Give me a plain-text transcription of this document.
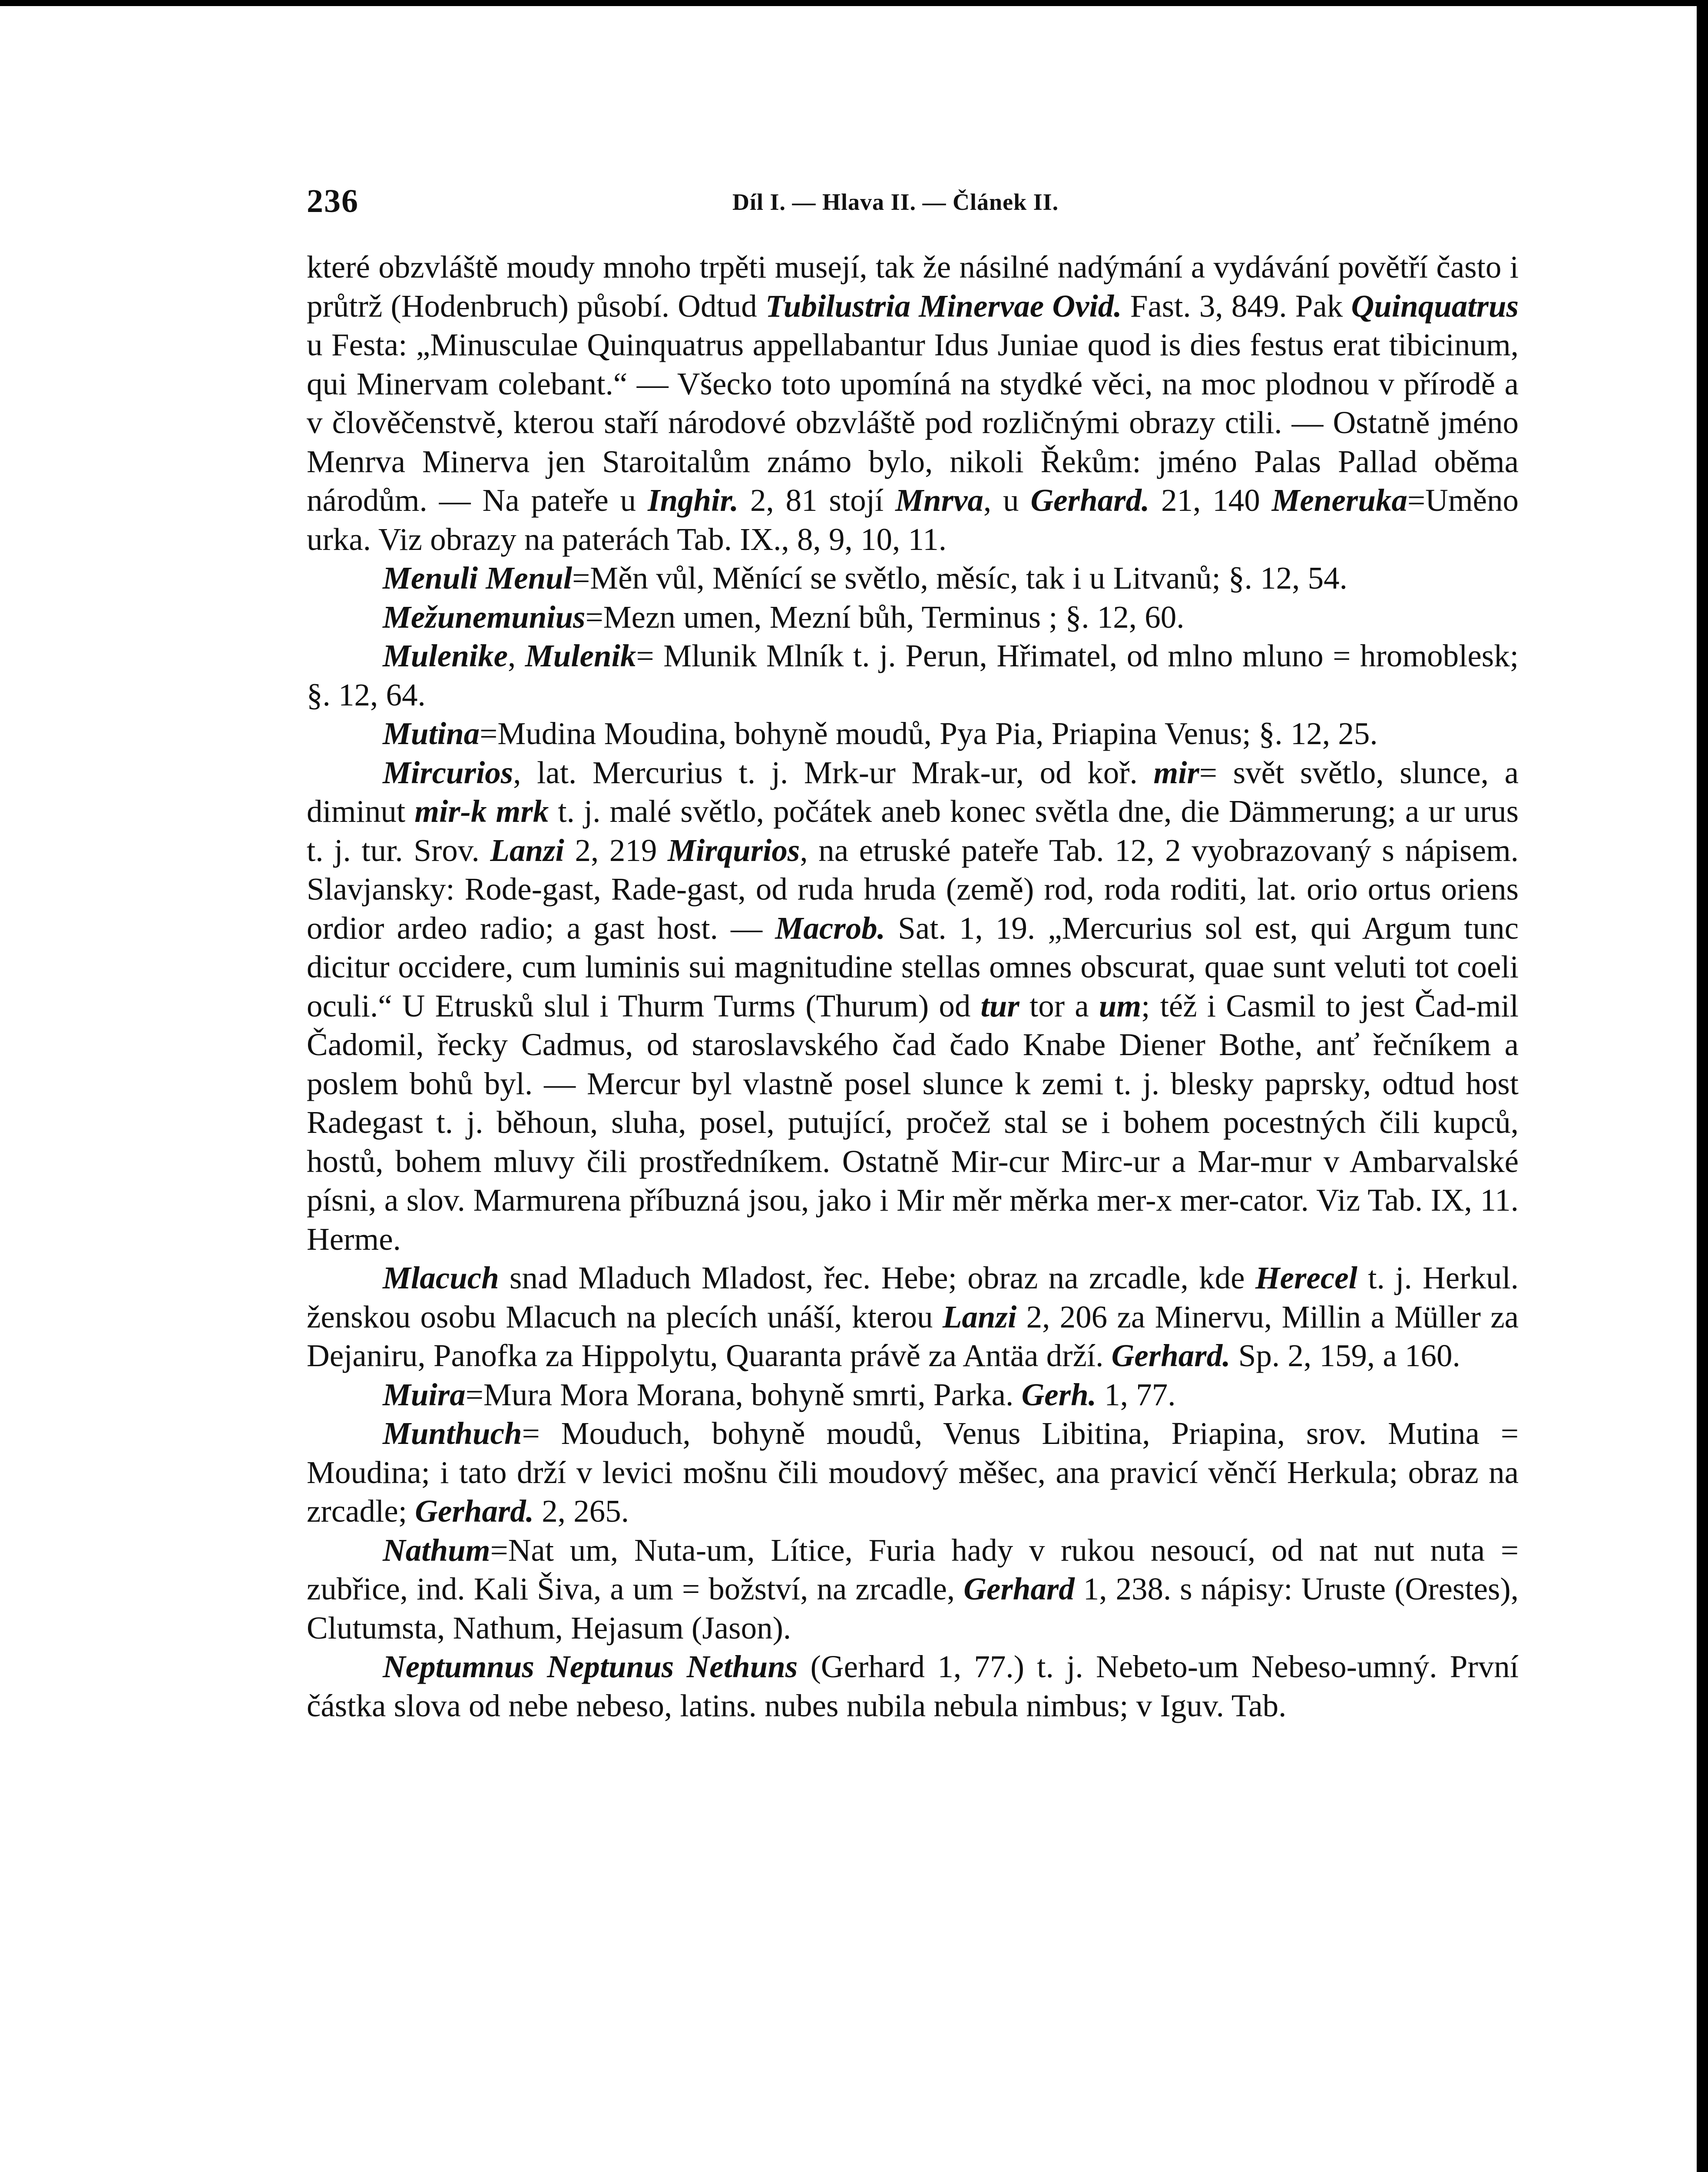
236	Díl I. — Hlava II. — Článek II.

které obzvláště moudy mnoho trpěti musejí, tak že násilné nadýmání a vydávání povětří často i průtrž (Hodenbruch) působí. Odtud Tubilustria Minervae Ovid. Fast. 3, 849. Pak Quinquatrus u Festa: „Minusculae Quinquatrus appellabantur Idus Juniae quod is dies festus erat tibicinum, qui Minervam colebant.“ — Všecko toto upomíná na stydké věci, na moc plodnou v přírodě a v člověčenstvě, kterou staří národové obzvláště pod rozličnými obrazy ctili. — Ostatně jméno Menrva Minerva jen Staroitalům známo bylo, nikoli Řekům: jméno Palas Pallad oběma národům. — Na pateře u Inghir. 2, 81 stojí Mnrva, u Gerhard. 21, 140 Meneruka=Uměno urka. Viz obrazy na paterách Tab. IX., 8, 9, 10, 11.

Menuli Menul=Měn vůl, Měnící se světlo, měsíc, tak i u Litvanů; §. 12, 54.

Mežunemunius=Mezn umen, Mezní bůh, Terminus ; §. 12, 60.

Mulenike, Mulenik= Mlunik Mlník t. j. Perun, Hřimatel, od mlno mluno = hromoblesk; §. 12, 64.

Mutina=Mudina Moudina, bohyně moudů, Pya Pia, Priapina Venus; §. 12, 25.

Mircurios, lat. Mercurius t. j. Mrk-ur Mrak-ur, od koř. mir= svět světlo, slunce, a diminut mir-k mrk t. j. malé světlo, počátek aneb konec světla dne, die Dämmerung; a ur urus t. j. tur. Srov. Lanzi 2, 219 Mirqurios, na etruské pateře Tab. 12, 2 vyobrazovaný s nápisem. Slavjansky: Rode-gast, Rade-gast, od ruda hruda (země) rod, roda roditi, lat. orio ortus oriens ordior ardeo radio; a gast host. — Macrob. Sat. 1, 19. „Mercurius sol est, qui Argum tunc dicitur occidere, cum luminis sui magnitudine stellas omnes obscurat, quae sunt veluti tot coeli oculi.“ U Etrusků slul i Thurm Turms (Thurum) od tur tor a um; též i Casmil to jest Čad-mil Čadomil, řecky Cadmus, od staroslavského čad čado Knabe Diener Bothe, anť řečníkem a poslem bohů byl. — Mercur byl vlastně posel slunce k zemi t. j. blesky paprsky, odtud host Radegast t. j. běhoun, sluha, posel, putující, pročež stal se i bohem pocestných čili kupců, hostů, bohem mluvy čili prostředníkem. Ostatně Mir-cur Mirc-ur a Mar-mur v Ambarvalské písni, a slov. Marmurena příbuzná jsou, jako i Mir měr měrka mer-x mer-cator. Viz Tab. IX, 11. Herme.

Mlacuch snad Mladuch Mladost, řec. Hebe; obraz na zrcadle, kde Herecel t. j. Herkul. ženskou osobu Mlacuch na plecích unáší, kterou Lanzi 2, 206 za Minervu, Millin a Müller za Dejaniru, Panofka za Hippolytu, Quaranta právě za Antäa drží. Gerhard. Sp. 2, 159, a 160.

Muira=Mura Mora Morana, bohyně smrti, Parka. Gerh. 1, 77.

Munthuch= Mouduch, bohyně moudů, Venus Libitina, Priapina, srov. Mutina = Moudina; i tato drží v levici mošnu čili moudový měšec, ana pravicí věnčí Herkula; obraz na zrcadle; Gerhard. 2, 265.

Nathum=Nat um, Nuta-um, Lítice, Furia hady v rukou nesoucí, od nat nut nuta = zubřice, ind. Kali Šiva, a um = božství, na zrcadle, Gerhard 1, 238. s nápisy: Uruste (Orestes), Clutumsta, Nathum, Hejasum (Jason).

Neptumnus Neptunus Nethuns (Gerhard 1, 77.) t. j. Nebeto-um Nebeso-umný. První částka slova od nebe nebeso, latins. nubes nubila nebula nimbus; v Iguv. Tab.
